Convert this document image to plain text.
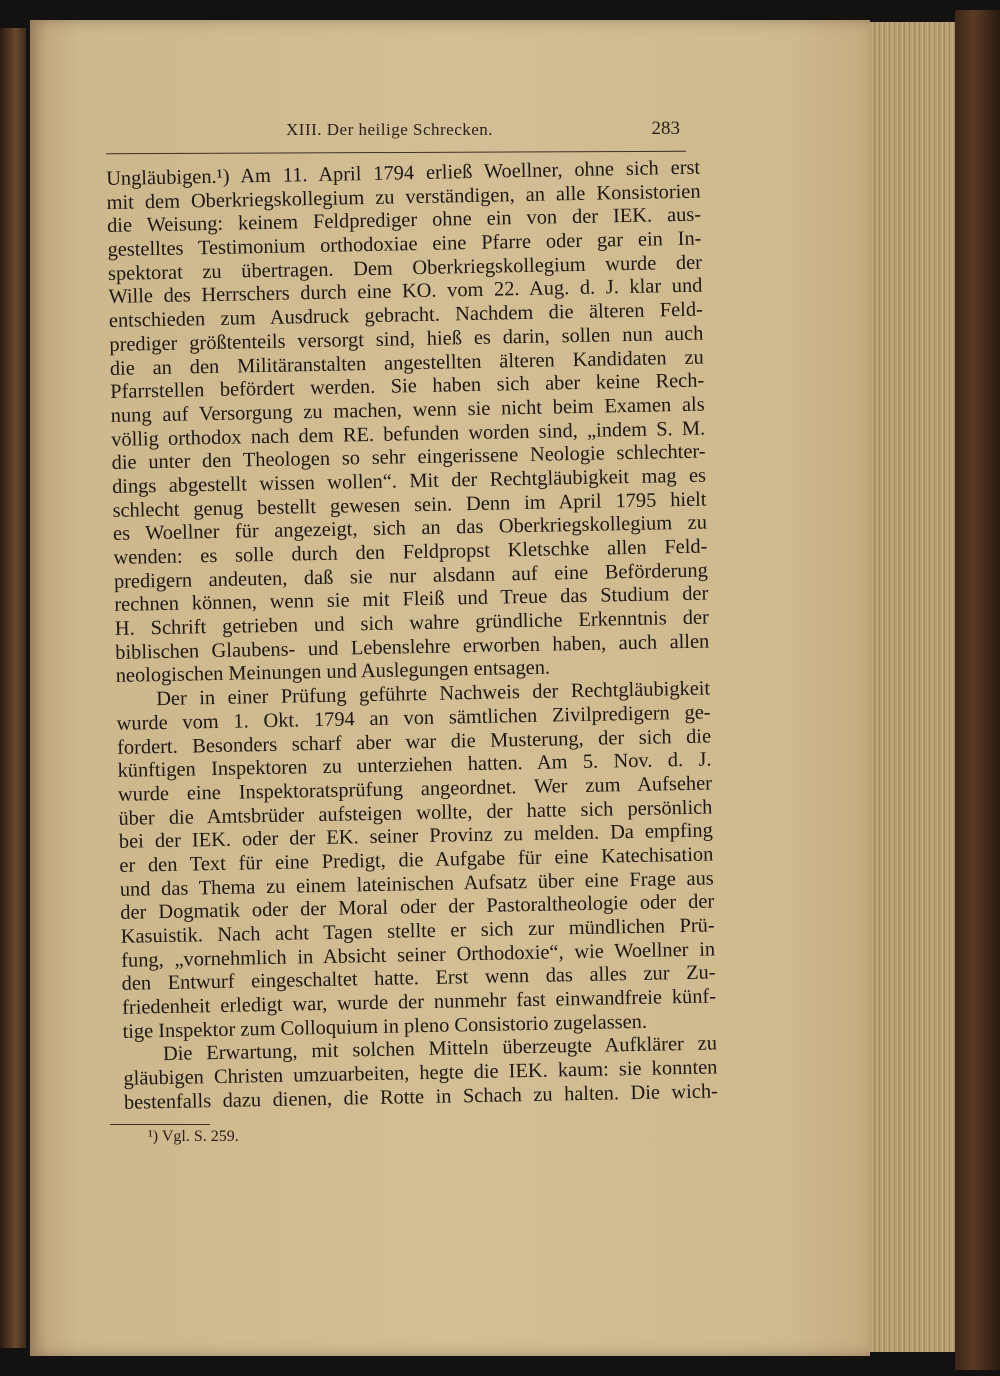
XIII. Der heilige Schrecken.	283
Ungläubigen.¹) Am 11. April 1794 erließ Woellner, ohne sich erst
mit dem Oberkriegskollegium zu verständigen, an alle Konsistorien
die Weisung: keinem Feldprediger ohne ein von der IEK. aus-
gestelltes Testimonium orthodoxiae eine Pfarre oder gar ein In-
spektorat zu übertragen. Dem Oberkriegskollegium wurde der
Wille des Herrschers durch eine KO. vom 22. Aug. d. J. klar und
entschieden zum Ausdruck gebracht. Nachdem die älteren Feld-
prediger größtenteils versorgt sind, hieß es darin, sollen nun auch
die an den Militäranstalten angestellten älteren Kandidaten zu
Pfarrstellen befördert werden. Sie haben sich aber keine Rech-
nung auf Versorgung zu machen, wenn sie nicht beim Examen als
völlig orthodox nach dem RE. befunden worden sind, „indem S. M.
die unter den Theologen so sehr eingerissene Neologie schlechter-
dings abgestellt wissen wollen“. Mit der Rechtgläubigkeit mag es
schlecht genug bestellt gewesen sein. Denn im April 1795 hielt
es Woellner für angezeigt, sich an das Oberkriegskollegium zu
wenden: es solle durch den Feldpropst Kletschke allen Feld-
predigern andeuten, daß sie nur alsdann auf eine Beförderung
rechnen können, wenn sie mit Fleiß und Treue das Studium der
H. Schrift getrieben und sich wahre gründliche Erkenntnis der
biblischen Glaubens- und Lebenslehre erworben haben, auch allen
neologischen Meinungen und Auslegungen entsagen.
Der in einer Prüfung geführte Nachweis der Rechtgläubigkeit
wurde vom 1. Okt. 1794 an von sämtlichen Zivilpredigern ge-
fordert. Besonders scharf aber war die Musterung, der sich die
künftigen Inspektoren zu unterziehen hatten. Am 5. Nov. d. J.
wurde eine Inspektoratsprüfung angeordnet. Wer zum Aufseher
über die Amtsbrüder aufsteigen wollte, der hatte sich persönlich
bei der IEK. oder der EK. seiner Provinz zu melden. Da empfing
er den Text für eine Predigt, die Aufgabe für eine Katechisation
und das Thema zu einem lateinischen Aufsatz über eine Frage aus
der Dogmatik oder der Moral oder der Pastoraltheologie oder der
Kasuistik. Nach acht Tagen stellte er sich zur mündlichen Prü-
fung, „vornehmlich in Absicht seiner Orthodoxie“, wie Woellner in
den Entwurf eingeschaltet hatte. Erst wenn das alles zur Zu-
friedenheit erledigt war, wurde der nunmehr fast einwandfreie künf-
tige Inspektor zum Colloquium in pleno Consistorio zugelassen.
Die Erwartung, mit solchen Mitteln überzeugte Aufklärer zu
gläubigen Christen umzuarbeiten, hegte die IEK. kaum: sie konnten
bestenfalls dazu dienen, die Rotte in Schach zu halten. Die wich-
¹) Vgl. S. 259.
